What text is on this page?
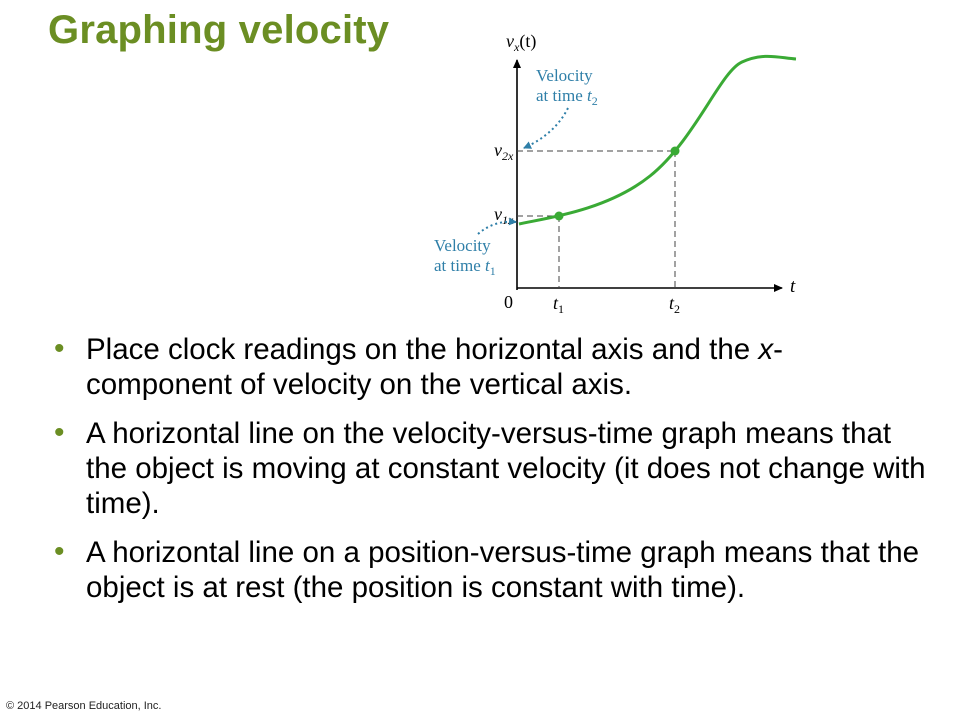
Graphing velocity	$v_x(t)$
$v_{2x}$
$v_{1x}$
0 $t_1$	$t_2$
t
Velocity
at time $t_2$
Velocity
at time $t_1$
• Place clock readings on the horizontal axis and the x-component of velocity on the vertical axis.
• A horizontal line on the velocity-versus-time graph means that the object is moving at constant velocity (it does not change with time).
• A horizontal line on a position-versus-time graph means that the object is at rest (the position is constant with time).
© 2014 Pearson Education, Inc.
